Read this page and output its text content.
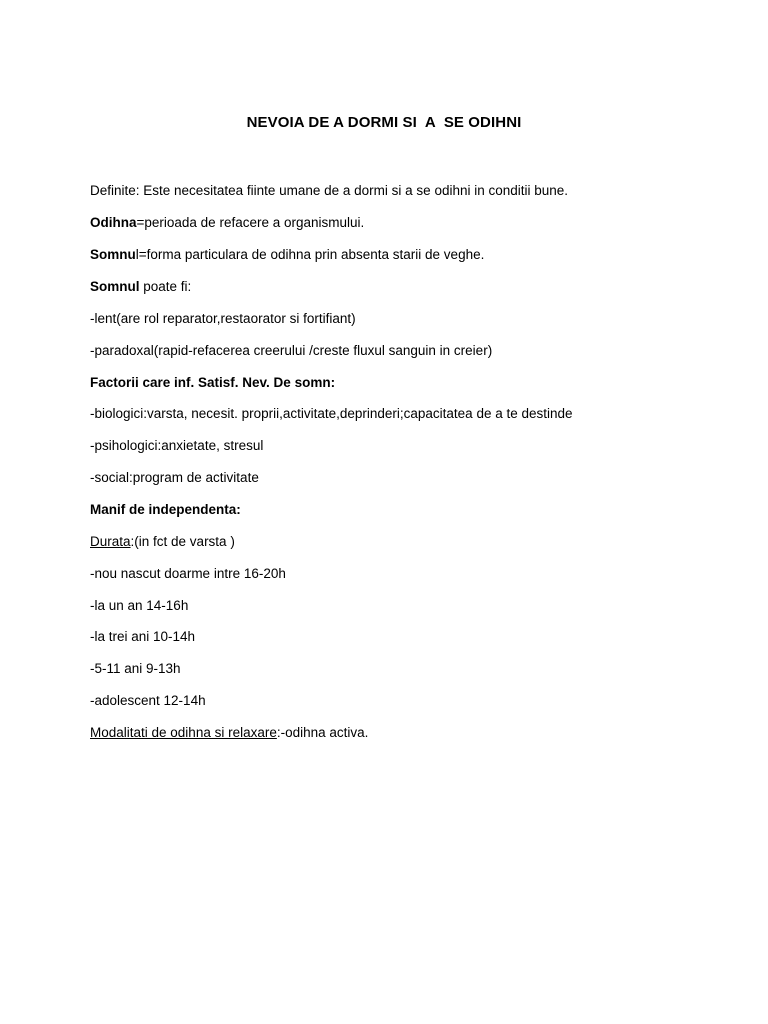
NEVOIA DE A DORMI SI  A  SE ODIHNI
Definite: Este necesitatea fiinte umane de a dormi si a se odihni in conditii bune.
Odihna=perioada de refacere a organismului.
Somnul=forma particulara de odihna prin absenta starii de veghe.
Somnul poate fi:
-lent(are rol reparator,restaorator si fortifiant)
-paradoxal(rapid-refacerea creerului /creste fluxul sanguin in creier)
Factorii care inf. Satisf. Nev. De somn:
-biologici:varsta, necesit. proprii,activitate,deprinderi;capacitatea de a te destinde
-psihologici:anxietate, stresul
-social:program de activitate
Manif de independenta:
Durata:(in fct de varsta )
-nou nascut doarme intre 16-20h
-la un an 14-16h
-la trei ani 10-14h
-5-11 ani 9-13h
-adolescent 12-14h
Modalitati de odihna si relaxare:-odihna activa.
